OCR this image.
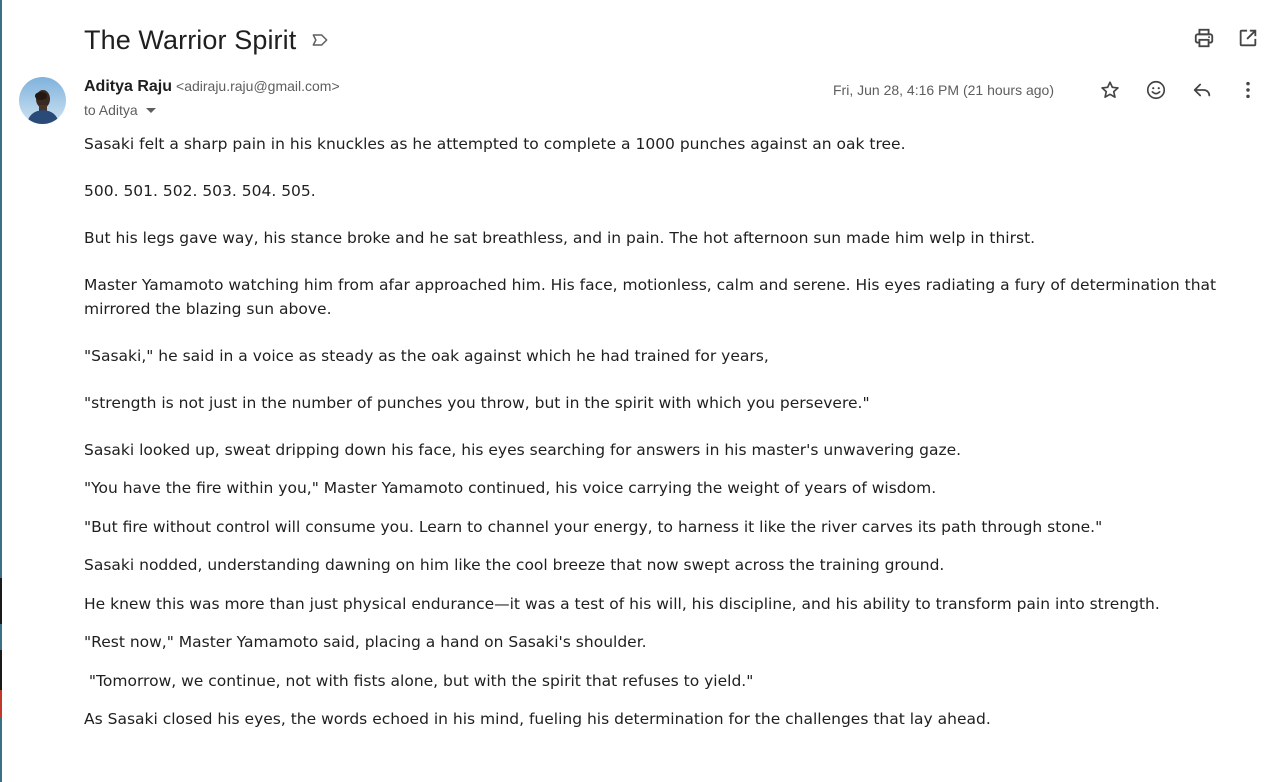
The Warrior Spirit
Aditya Raju <adiraju.raju@gmail.com>
to Aditya
Fri, Jun 28, 4:16 PM (21 hours ago)

Sasaki felt a sharp pain in his knuckles as he attempted to complete a 1000 punches against an oak tree.

500. 501. 502. 503. 504. 505.

But his legs gave way, his stance broke and he sat breathless, and in pain. The hot afternoon sun made him welp in thirst.

Master Yamamoto watching him from afar approached him. His face, motionless, calm and serene. His eyes radiating a fury of determination that mirrored the blazing sun above.

"Sasaki," he said in a voice as steady as the oak against which he had trained for years,

"strength is not just in the number of punches you throw, but in the spirit with which you persevere."

Sasaki looked up, sweat dripping down his face, his eyes searching for answers in his master's unwavering gaze.

"You have the fire within you," Master Yamamoto continued, his voice carrying the weight of years of wisdom.

"But fire without control will consume you. Learn to channel your energy, to harness it like the river carves its path through stone."

Sasaki nodded, understanding dawning on him like the cool breeze that now swept across the training ground.

He knew this was more than just physical endurance—it was a test of his will, his discipline, and his ability to transform pain into strength.

"Rest now," Master Yamamoto said, placing a hand on Sasaki's shoulder.

"Tomorrow, we continue, not with fists alone, but with the spirit that refuses to yield."

As Sasaki closed his eyes, the words echoed in his mind, fueling his determination for the challenges that lay ahead.
